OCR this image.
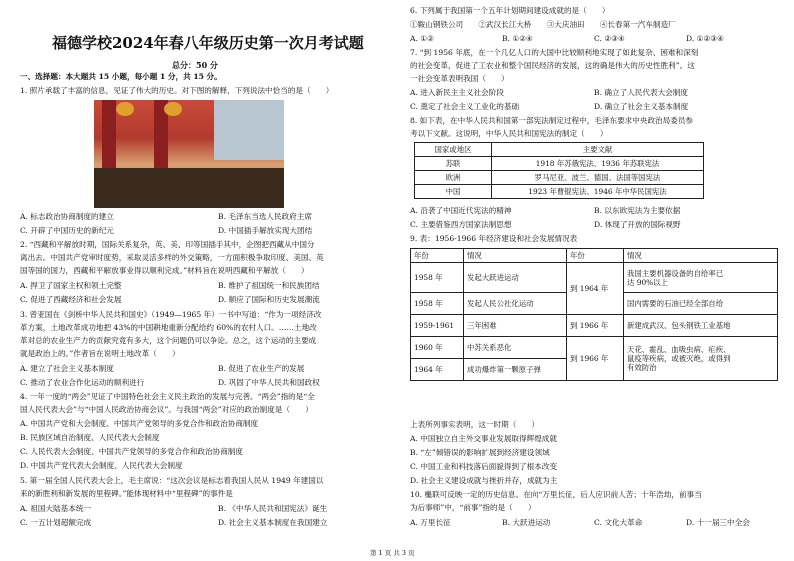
福德学校2024年春八年级历史第一次月考试题
总分：50 分
一、选择题：本大题共 15 小题，每小题 1 分，共 15 分。
1. 照片承载了丰富的信息，见证了伟大的历史。对下图的解释，下列说法中恰当的是（　　）
A. 标志政治协商制度的建立	B. 毛泽东当选人民政府主席
C. 开辟了中国历史的新纪元	D. 中国插手解放实现大团结
2. “西藏和平解放时期，国际关系复杂，英、美、印等国插手其中，企图把西藏从中国分
离出去。中国共产党审时度势，采取灵活多样的外交策略，一方面积极争取印度、美国、英
国等国的国力，西藏和平解放事业得以顺利完成。”材料旨在说明西藏和平解放（　　）
A. 捍卫了国家主权和领土完整	B. 维护了祖国统一和民族团结
C. 促进了西藏经济和社会发展	D. 顺应了国际和历史发展潮流
3. 曾亚国在《剑桥中华人民共和国史》（1949—1965 年）一书中写道：“作为一项经济改
革方案，土地改革成功地把 43%的中国耕地重新分配给约 60%的农村人口。……土地改
革对总的农业生产力的贡献究竟有多大，这个问题仍可以争论。总之，这个运动的主要成
就是政治上的。”作者旨在说明土地改革（　　）
A. 建立了社会主义基本制度	B. 促进了农业生产的发展
C. 推动了农业合作化运动的顺利进行	D. 巩固了中华人民共和国政权
4. 一年一度的“两会”见证了中国特色社会主义民主政治的发展与完善。“两会”指的是“全
国人民代表大会”与“中国人民政治协商会议”。与我国“两会”对应的政治制度是（　　）
A. 中国共产党和大会制度、中国共产党领导的多党合作和政治协商制度
B. 民族区域自治制度、人民代表大会制度
C. 人民代表大会制度、中国共产党领导的多党合作和政治协商制度
D. 中国共产党代表大会制度、人民代表大会制度
5. 第一届全国人民代表大会上，毛主席说：“这次会议是标志着我国人民从 1949 年建国以
来的新胜利和新发展的里程碑。”能体现材料中“里程碑”的事件是
A. 祖国大陆基本统一	B. 《中华人民共和国宪法》诞生
C. 一五计划超额完成	D. 社会主义基本制度在我国建立
6. 下列属于我国第一个五年计划期间建设成就的是（　　）
①鞍山钢铁公司　　②武汉长江大桥　　③大庆油田　　④长春第一汽车制造厂
A. ①②	B. ①②④	C. ②③④	D. ①②③④
7. “到 1956 年底，在一个几亿人口的大国中比较顺利地实现了如此复杂、困难和深刻
的社会变革，促进了工农业和整个国民经济的发展，这的确是伟大的历史性胜利”。这
一社会变革表明我国（　　）
A. 进入新民主主义社会阶段	B. 确立了人民代表大会制度
C. 奠定了社会主义工业化的基础	D. 确立了社会主义基本制度
8. 如下表，在中华人民共和国第一部宪法制定过程中，毛泽东要求中央政治局委员参
考以下文献。这说明，中华人民共和国宪法的制定（　　）
国家或地区	主要文献
苏联	1918 年苏俄宪法、1936 年苏联宪法
欧洲	罗马尼亚、波兰、德国、法国等国宪法
中国	1923 年曹锟宪法、1946 年中华民国宪法
A. 沿袭了中国近代宪法的精神	B. 以东欧宪法为主要依据
C. 主要借鉴西方国家法制思想	D. 体现了开放的国际视野
9. 表：1956-1966 年经济建设和社会发展情况表
年份	情况	年份	情况
1958 年	发起大跃进运动	到 1964 年	我国主要机器设备的自给率已
达 90%以上
1958 年	发起人民公社化运动		国内需要的石油已经全部自给
1959-1961	三年困难	到 1966 年	新建成武汉、包头钢铁工业基地
1960 年	中苏关系恶化	到 1966 年	天花、霍乱、血吸虫病、疟疾、
鼠疫等疾病，或被灭绝，或得到
有效防治
1964 年	成功爆炸第一颗原子弹		
上表所列事实表明，这一时期（　　）
A. 中国独立自主外交事业发展取得辉煌成就
B. “左”倾错误的影响扩展到经济建设领域
C. 中国工业和科技落后面貌得到了根本改变
D. 社会主义建设成就与挫折并存，成就为主
10. 櫆联可反映一定的历史信息。在向“万里长征，后人应识前人苦；十年浩劫，前事当
为后事师”中，“前事”指的是（　　）
A. 万里长征	B. 大跃进运动	C. 文化大革命	D. 十一届三中全会
第 1 页 共 3 页
